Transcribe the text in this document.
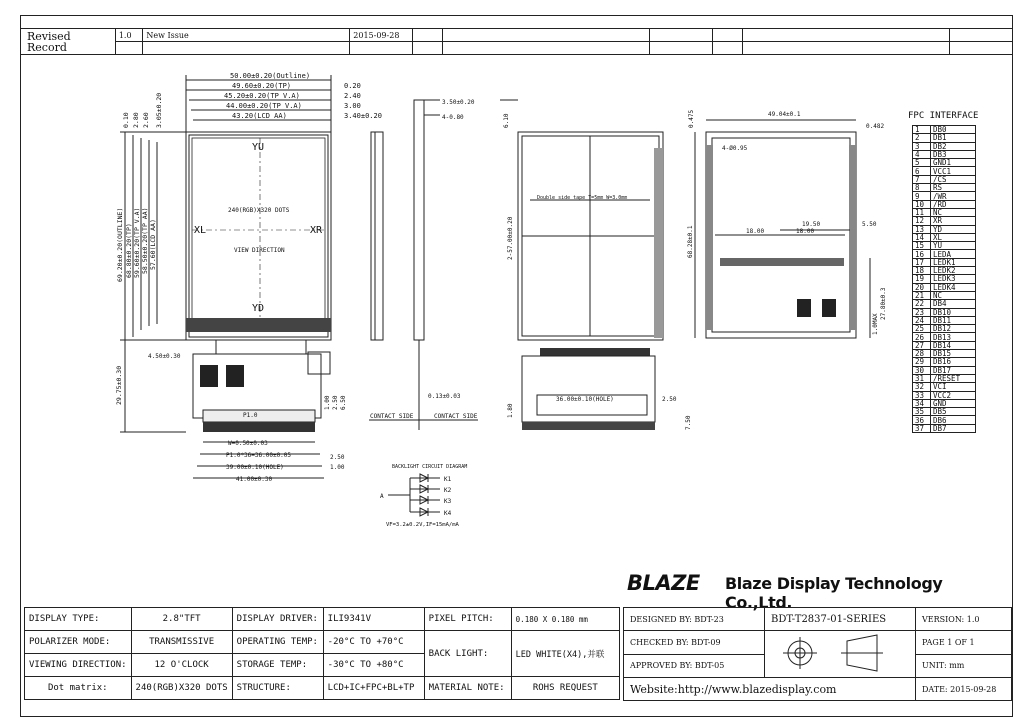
Revised
Record	1.0	New Issue	2015-09-28						

50.00±0.20(Outline)
49.60±0.20(TP)
45.20±0.20(TP V.A)
44.00±0.20(TP V.A)
43.20(LCD AA)
0.20
2.40
3.00
3.40±0.20
0.10 2.80 2.60 3.05±0.20
69.20±0.20(OUTLINE) 68.80±0.20(TP) 59.60±0.20(TP V.A) 58.50±0.20(TP AA) 57.60(LCD AA)
29.75±0.30
YU
YD
XL	XR
240(RGB)X320 DOTS
VIEW DIRECTION
4.50±0.30
1.00 2.50 6.50
P1.0
W=0.50±0.03
P1.0*36=36.00±0.05
39.00±0.10(HOLE)
41.00±0.30
2.50
1.00
3.50±0.20
4-0.80
0.13±0.03
CONTACT SIDE	CONTACT SIDE
6.10
Double side tape T=5mm W=3.0mm
2-57.00±0.20
1.80
36.00±0.10(HOLE)	2.50
7.50
0.475	49.04±0.1
0.482
4-Ø0.95
19.50	5.50
18.00	18.00
68.28±0.1
27.80±0.3
1.0MAX
BACKLIGHT CIRCUIT DIAGRAM
A
K1
K2
K3
K4
VF=3.2±0.2V,IF=15mA/mA
FPC INTERFACE
1	DB0
2	DB1
3	DB2
4	DB3
5	GND1
6	VCC1
7	/CS
8	RS
9	/WR
10	/RD
11	NC
12	XR
13	YD
14	XL
15	YU
16	LEDA
17	LEDK1
18	LEDK2
19	LEDK3
20	LEDK4
21	NC
22	DB4
23	DB10
24	DB11
25	DB12
26	DB13
27	DB14
28	DB15
29	DB16
30	DB17
31	/RESET
32	VCI
33	VCC2
34	GND
35	DB5
36	DB6
37	DB7
BLAZE Blaze Display Technology Co.,Ltd.
DISPLAY TYPE:	2.8"TFT	DISPLAY DRIVER:	ILI9341V	PIXEL PITCH:	0.180 X 0.180 mm
POLARIZER MODE:	TRANSMISSIVE	OPERATING TEMP:	-20°C TO +70°C	BACK LIGHT:	LED WHITE(X4),并联
VIEWING DIRECTION:	12 O'CLOCK	STORAGE TEMP:	-30°C TO +80°C		
Dot matrix:	240(RGB)X320 DOTS	STRUCTURE:	LCD+IC+FPC+BL+TP	MATERIAL NOTE:	ROHS REQUEST
DESIGNED BY: BDT-23	BDT-T2837-01-SERIES	VERSION: 1.0
CHECKED BY: BDT-09		PAGE 1 OF 1
APPROVED BY: BDT-05		UNIT: mm
Website:http://www.blazedisplay.com		DATE: 2015-09-28
